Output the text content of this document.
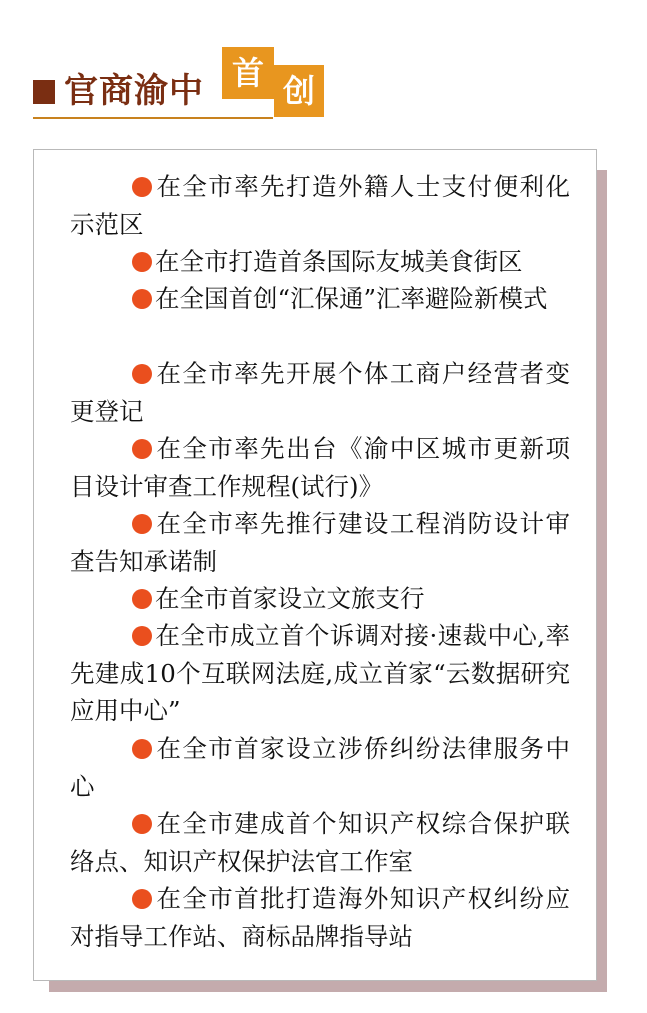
官商渝中 首 创
在全市率先打造外籍人士支付便利化示范区
在全市打造首条国际友城美食街区
在全国首创“汇保通”汇率避险新模式
在全市率先开展个体工商户经营者变更登记
在全市率先出台《渝中区城市更新项目设计审查工作规程(试行)》
在全市率先推行建设工程消防设计审查告知承诺制
在全市首家设立文旅支行
在全市成立首个诉调对接·速裁中心,率先建成10个互联网法庭,成立首家“云数据研究应用中心”
在全市首家设立涉侨纠纷法律服务中心
在全市建成首个知识产权综合保护联络点、知识产权保护法官工作室
在全市首批打造海外知识产权纠纷应对指导工作站、商标品牌指导站
